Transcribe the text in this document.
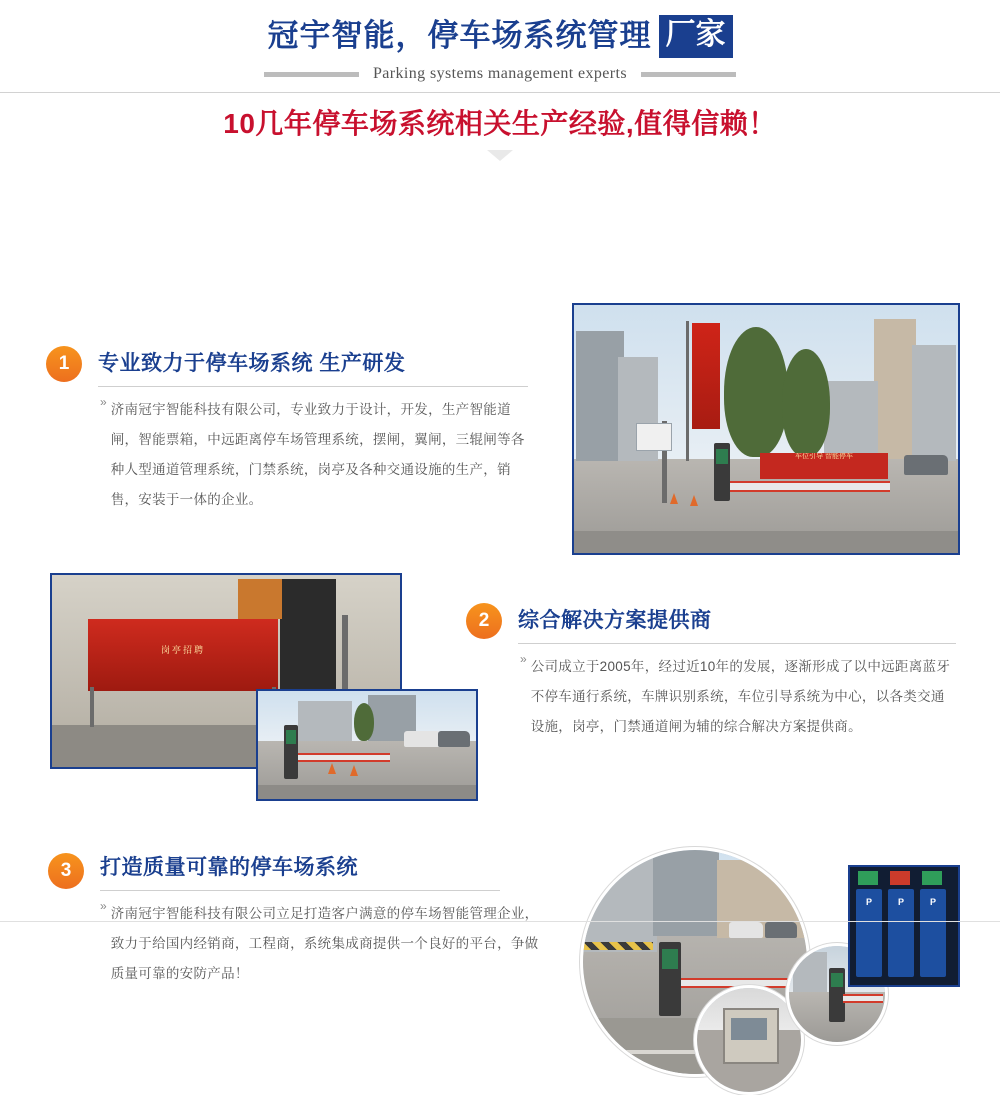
冠宇智能，停车场系统管理 厂家
Parking systems management experts
10几年停车场系统相关生产经验,值得信赖！
1	专业致力于停车场系统 生产研发
» 济南冠宇智能科技有限公司，专业致力于设计，开发，生产智能道闸，智能票箱，中远距离停车场管理系统，摆闸，翼闸，三辊闸等各种人型通道管理系统，门禁系统，岗亭及各种交通设施的生产，销售，安装于一体的企业。
车位引导 智能停车
岗亭招聘
2	综合解决方案提供商
» 公司成立于2005年，经过近10年的发展，逐渐形成了以中远距离蓝牙不停车通行系统，车牌识别系统，车位引导系统为中心，以各类交通设施，岗亭，门禁通道闸为辅的综合解决方案提供商。
3	打造质量可靠的停车场系统
» 济南冠宇智能科技有限公司立足打造客户满意的停车场智能管理企业，致力于给国内经销商，工程商，系统集成商提供一个良好的平台，争做质量可靠的安防产品！
P	P	P
